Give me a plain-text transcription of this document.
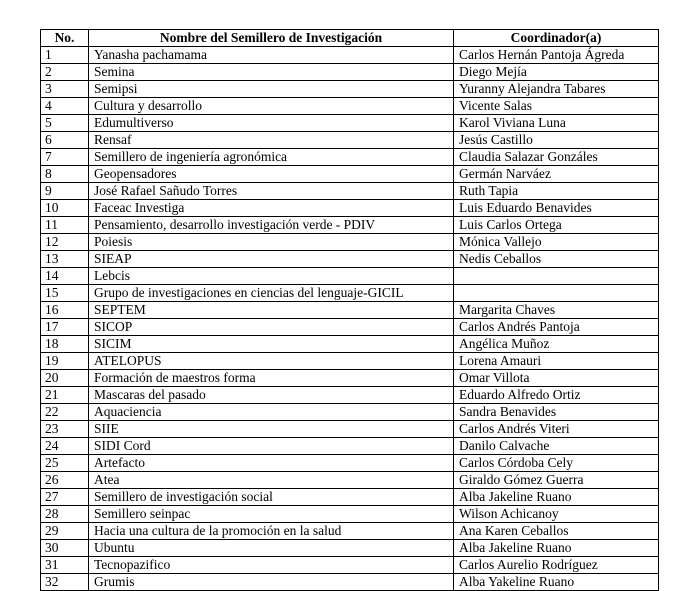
No.	Nombre del Semillero de Investigación	Coordinador(a)
1	Yanasha pachamama	Carlos Hernán Pantoja Ágreda
2	Semina	Diego Mejía
3	Semipsi	Yuranny Alejandra Tabares
4	Cultura y desarrollo	Vicente Salas
5	Edumultiverso	Karol Viviana Luna
6	Rensaf	Jesús Castillo
7	Semillero de ingeniería agronómica	Claudia Salazar Gonzáles
8	Geopensadores	Germán Narváez
9	José Rafael Sañudo Torres	Ruth Tapia
10	Faceac Investiga	Luis Eduardo Benavides
11	Pensamiento, desarrollo investigación verde - PDIV	Luis Carlos Ortega
12	Poiesis	Mónica Vallejo
13	SIEAP	Nedis Ceballos
14	Lebcis	
15	Grupo de investigaciones en ciencias del lenguaje-GICIL	
16	SEPTEM	Margarita Chaves
17	SICOP	Carlos Andrés Pantoja
18	SICIM	Angélica Muñoz
19	ATELOPUS	Lorena Amauri
20	Formación de maestros forma	Omar Villota
21	Mascaras del pasado	Eduardo Alfredo Ortiz
22	Aquaciencia	Sandra Benavides
23	SIIE	Carlos Andrés Viteri
24	SIDI Cord	Danilo Calvache
25	Artefacto	Carlos Córdoba Cely
26	Atea	Giraldo Gómez Guerra
27	Semillero de investigación social	Alba Jakeline Ruano
28	Semillero seinpac	Wilson Achicanoy
29	Hacia una cultura de la promoción en la salud	Ana Karen Ceballos
30	Ubuntu	Alba Jakeline Ruano
31	Tecnopazifico	Carlos Aurelio Rodríguez
32	Grumis	Alba Yakeline Ruano
